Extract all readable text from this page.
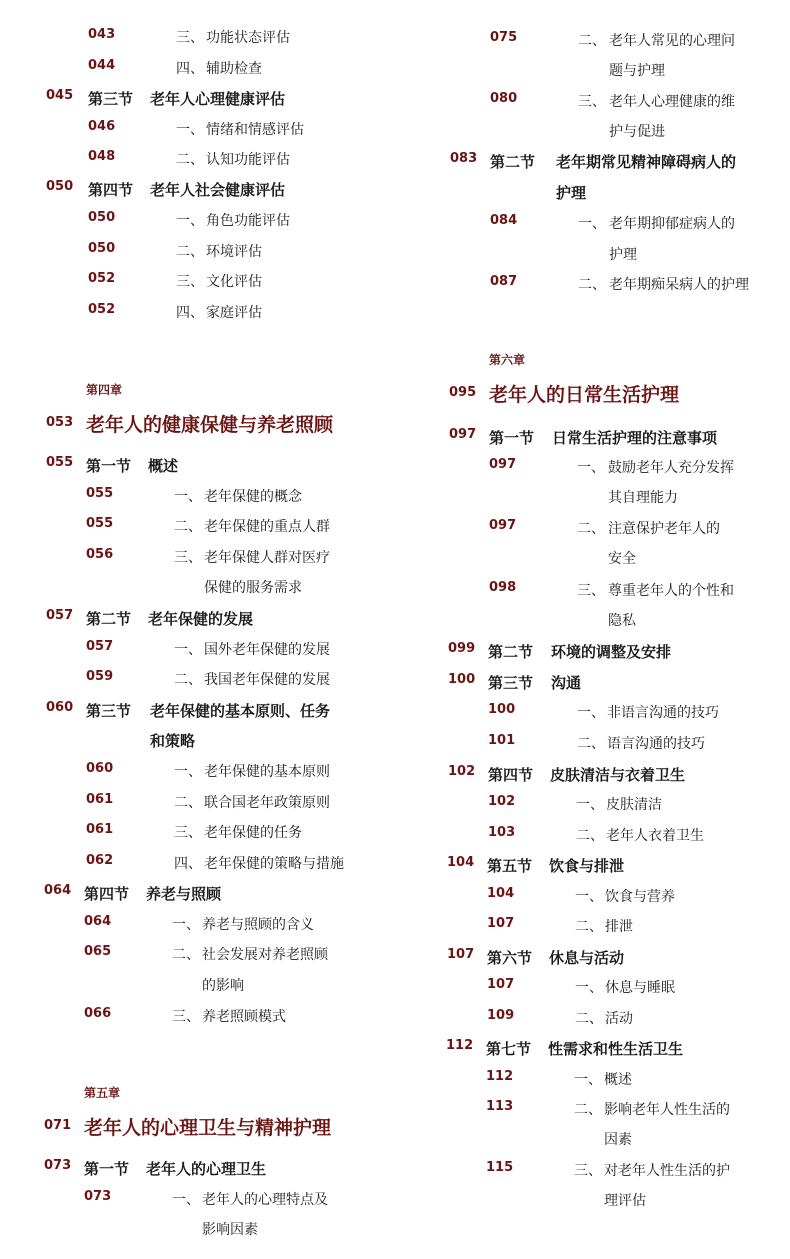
043	三、 功能状态评估
044	四、 辅助检查
045 第三节 老年人心理健康评估
046	一、 情绪和情感评估
048	二、 认知功能评估
050 第四节 老年人社会健康评估
050	一、 角色功能评估
050	二、 环境评估
052	三、 文化评估
052	四、 家庭评估
第四章
053 老年人的健康保健与养老照顾
055 第一节 概述
055	一、 老年保健的概念
055	二、 老年保健的重点人群
056	三、 老年保健人群对医疗
保健的服务需求
057 第二节 老年保健的发展
057	一、 国外老年保健的发展
059	二、 我国老年保健的发展
060 第三节 老年保健的基本原则、任务
和策略
060	一、 老年保健的基本原则
061	二、 联合国老年政策原则
061	三、 老年保健的任务
062	四、 老年保健的策略与措施
064 第四节 养老与照顾
064	一、 养老与照顾的含义
065	二、 社会发展对养老照顾
的影响
066	三、 养老照顾模式
第五章
071 老年人的心理卫生与精神护理
073 第一节 老年人的心理卫生
073	一、 老年人的心理特点及
影响因素
075	二、 老年人常见的心理问
题与护理
080	三、 老年人心理健康的维
护与促进
083 第二节 老年期常见精神障碍病人的
护理
084	一、 老年期抑郁症病人的
护理
087	二、 老年期痴呆病人的护理
第六章
095 老年人的日常生活护理
097 第一节 日常生活护理的注意事项
097	一、 鼓励老年人充分发挥
其自理能力
097	二、 注意保护老年人的
安全
098	三、 尊重老年人的个性和
隐私
099 第二节 环境的调整及安排
100 第三节 沟通
100	一、 非语言沟通的技巧
101	二、 语言沟通的技巧
102 第四节 皮肤清洁与衣着卫生
102	一、 皮肤清洁
103	二、 老年人衣着卫生
104 第五节 饮食与排泄
104	一、 饮食与营养
107	二、 排泄
107 第六节 休息与活动
107	一、 休息与睡眠
109	二、 活动
112 第七节 性需求和性生活卫生
112	一、 概述
113	二、 影响老年人性生活的
因素
115	三、 对老年人性生活的护
理评估
